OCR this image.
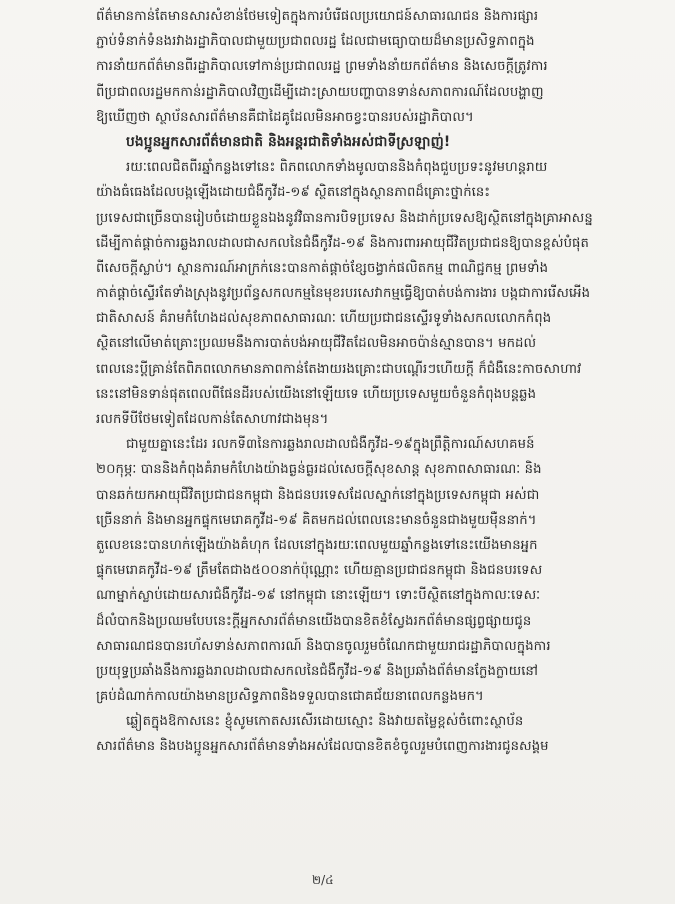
ព័ត៌មានកាន់តែមានសារសំខាន់ថែមទៀតក្នុងការបំរើផលប្រយោជន៍សាធារណជន និងការផ្សារ
ភ្ជាប់ទំនាក់ទំនងរវាងរដ្ឋាភិបាលជាមួយប្រជាពលរដ្ឋ ដែលជាមធ្យោបាយដ៏មានប្រសិទ្ធភាពក្នុង
ការនាំយកព័ត៌មានពីរដ្ឋាភិបាលទៅកាន់ប្រជាពលរដ្ឋ ព្រមទាំងនាំយកព័ត៌មាន និងសេចក្តីត្រូវការ
ពីប្រជាពលរដ្ឋមកកាន់រដ្ឋាភិបាលវិញដើម្បីដោះស្រាយបញ្ហាបានទាន់សភាពការណ៍ដែលបង្ហាញ
ឱ្យឃើញថា ស្ថាប័នសារព័ត៌មានគឺជាដៃគូដែលមិនអាចខ្វះបានរបស់រដ្ឋាភិបាល។
បងប្អូនអ្នកសារព័ត៌មានជាតិ និងអន្តរជាតិទាំងអស់ជាទីស្រឡាញ់!
រយៈពេលជិតពីរឆ្នាំកន្លងទៅនេះ ពិភពលោកទាំងមូលបាននិងកំពុងជួបប្រទះនូវមហន្តរាយ
យ៉ាងធំធេងដែលបង្កឡើងដោយជំងឺកូវីដ-១៩ ស្ថិតនៅក្នុងស្ថានភាពដ៏គ្រោះថ្នាក់នេះ
ប្រទេសជាច្រើនបានរៀបចំដោយខ្លួនឯងនូវវិធានការបិទប្រទេស និងដាក់ប្រទេសឱ្យស្ថិតនៅក្នុងគ្រាអាសន្ន
ដើម្បីកាត់ផ្តាច់ការឆ្លងរាលដាលជាសកលនៃជំងឺកូវីដ-១៩ និងការពារអាយុជីវិតប្រជាជនឱ្យបានខ្ពស់បំផុត
ពីសេចក្តីស្លាប់។ ស្ថានការណ៍អាក្រក់នេះបានកាត់ផ្តាច់ខ្សែចង្វាក់ផលិតកម្ម ពាណិជ្ជកម្ម ព្រមទាំង
កាត់ផ្តាច់ស្ទើរតែទាំងស្រុងនូវប្រព័ន្ធសកលកម្មនៃមុខរបរសេវាកម្មធ្វើឱ្យបាត់បង់ការងារ បង្កជាការរើសអើង
ជាតិសាសន៍ គំរាមកំហែងដល់សុខភាពសាធារណៈ ហើយប្រជាជនស្ទើរទូទាំងសកលលោកកំពុង
ស្ថិតនៅលើមាត់គ្រោះប្រឈមនឹងការបាត់បង់អាយុជីវិតដែលមិនអាចប៉ាន់ស្មានបាន។ មកដល់
ពេលនេះប្តីគ្រាន់តែពិភពលោកមានភាពកាន់តែងាយរងគ្រោះជាបណ្តើរៗហើយក្តី ក៏ជំងឺនេះកាចសាហាវ
នេះនៅមិនទាន់ផុតពេលពីផែនដីរបស់យើងនៅឡើយទេ ហើយប្រទេសមួយចំនួនកំពុងបន្តឆ្លង
រលកទីបីថែមទៀតដែលកាន់តែសាហាវជាងមុន។
ជាមួយគ្នានេះដែរ រលកទី៣នៃការឆ្លងរាលដាលជំងឺកូវីដ-១៩ក្នុងព្រឹត្តិការណ៍សហគមន៍
២០កុម្ភៈ បាននិងកំពុងគំរាមកំហែងយ៉ាងធ្ងន់ធ្ងរដល់សេចក្តីសុខសាន្ត សុខភាពសាធារណៈ និង
បានឆក់យកអាយុជីវិតប្រជាជនកម្ពុជា និងជនបរទេសដែលស្នាក់នៅក្នុងប្រទេសកម្ពុជា អស់ជា
ច្រើននាក់ និងមានអ្នកផ្ទុកមេរោគកូវីដ-១៩ គិតមកដល់ពេលនេះមានចំនួនជាងមួយម៉ឺននាក់។
តួលេខនេះបានហក់ឡើងយ៉ាងគំហុក ដែលនៅក្នុងរយៈពេលមួយឆ្នាំកន្លងទៅនេះយើងមានអ្នក
ផ្ទុកមេរោគកូវីដ-១៩ ត្រឹមតែជាង៥០០នាក់ប៉ុណ្ណោះ ហើយគ្មានប្រជាជនកម្ពុជា និងជនបរទេស
ណាម្នាក់ស្លាប់ដោយសារជំងឺកូវីដ-១៩ នៅកម្ពុជា នោះឡើយ។ ទោះបីស្ថិតនៅក្នុងកាលៈទេសៈ
ដ៏លំបាកនិងប្រឈមបែបនេះក្តីអ្នកសារព័ត៌មានយើងបានខិតខំស្វែងរកព័ត៌មានផ្សព្វផ្សាយជូន
សាធារណជនបានរហ័សទាន់សភាពការណ៍ និងបានចូលរួមចំណែកជាមួយរាជរដ្ឋាភិបាលក្នុងការ
ប្រយុទ្ធប្រឆាំងនឹងការឆ្លងរាលដាលជាសកលនៃជំងឺកូវីដ-១៩ និងប្រឆាំងព័ត៌មានក្លែងក្លាយនៅ
គ្រប់ដំណាក់កាលយ៉ាងមានប្រសិទ្ធភាពនិងទទួលបានជោគជ័យនាពេលកន្លងមក។
ឆ្លៀតក្នុងឱកាសនេះ ខ្ញុំសូមកោតសរសើរដោយស្មោះ និងវាយតម្លៃខ្ពស់ចំពោះស្ថាប័ន
សារព័ត៌មាន និងបងប្អូនអ្នកសារព័ត៌មានទាំងអស់ដែលបានខិតខំចូលរួមបំពេញការងារជូនសង្គម
២/៤
